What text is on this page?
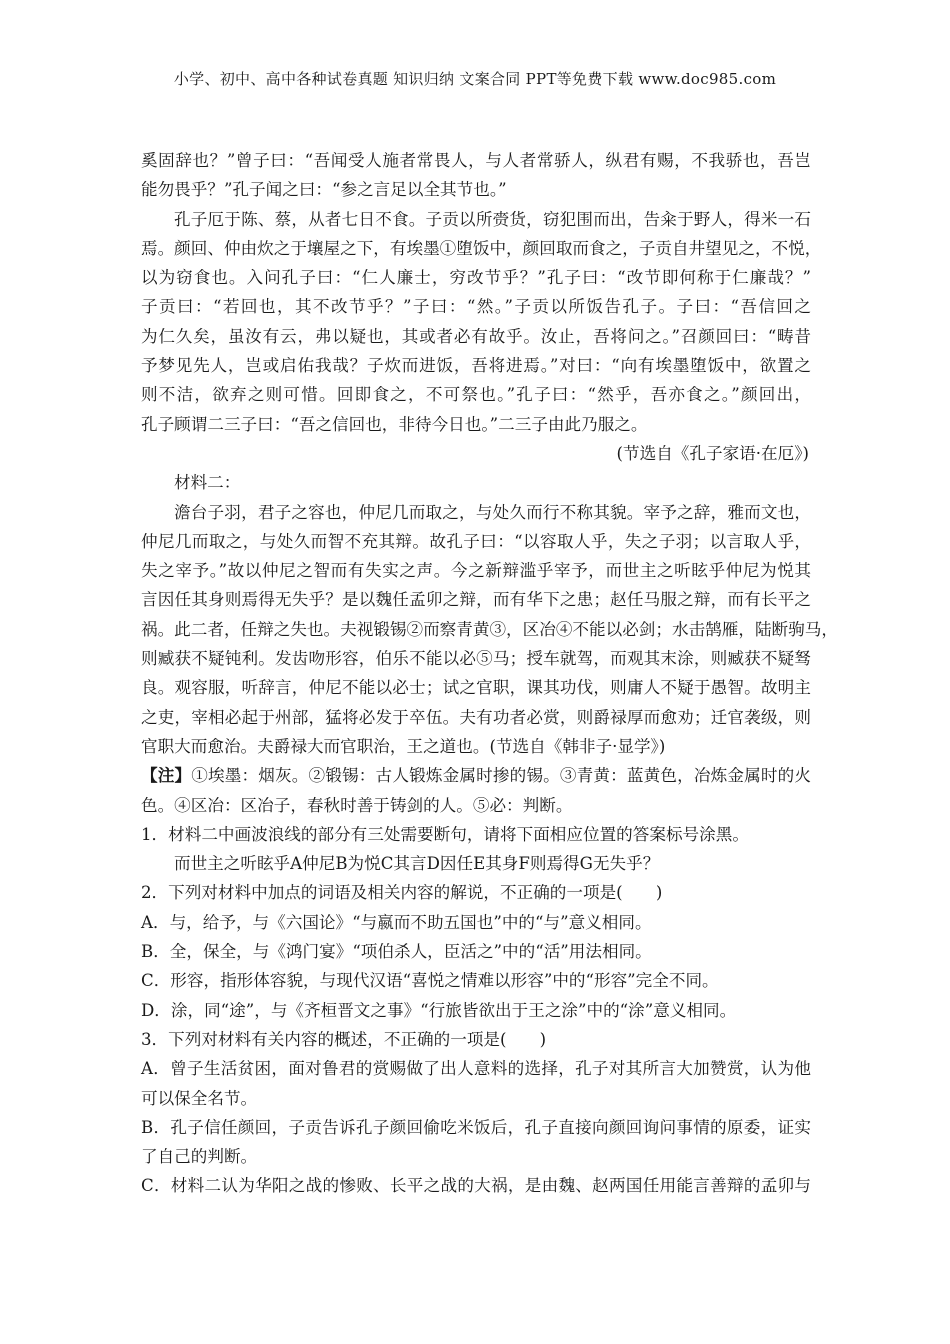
小学、初中、高中各种试卷真题 知识归纳 文案合同 PPT等免费下载 www.doc985.com
奚固辞也？”曾子曰：“吾闻受人施者常畏人，与人者常骄人，纵君有赐，不我骄也，吾岂
能勿畏乎？”孔子闻之曰：“参之言足以全其节也。”
孔子厄于陈、蔡，从者七日不食。子贡以所赍货，窃犯围而出，告籴于野人，得米一石
焉。颜回、仲由炊之于壤屋之下，有埃墨①堕饭中，颜回取而食之，子贡自井望见之，不悦，
以为窃食也。入问孔子曰：“仁人廉士，穷改节乎？”孔子曰：“改节即何称于仁廉哉？”
子贡曰：“若回也，其不改节乎？”子曰：“然。”子贡以所饭告孔子。子曰：“吾信回之
为仁久矣，虽汝有云，弗以疑也，其或者必有故乎。汝止，吾将问之。”召颜回曰：“畴昔
予梦见先人，岂或启佑我哉？子炊而进饭，吾将进焉。”对曰：“向有埃墨堕饭中，欲置之
则不洁，欲弃之则可惜。回即食之，不可祭也。”孔子曰：“然乎，吾亦食之。”颜回出，
孔子顾谓二三子曰：“吾之信回也，非待今日也。”二三子由此乃服之。
(节选自《孔子家语·在厄》)
材料二：
澹台子羽，君子之容也，仲尼几而取之，与处久而行不称其貌。宰予之辞，雅而文也，
仲尼几而取之，与处久而智不充其辩。故孔子曰：“以容取人乎，失之子羽；以言取人乎，
失之宰予。”故以仲尼之智而有失实之声。今之新辩滥乎宰予，而世主之听眩乎仲尼为悦其
言因任其身则焉得无失乎？是以魏任孟卯之辩，而有华下之患；赵任马服之辩，而有长平之
祸。此二者，任辩之失也。夫视锻锡②而察青黄③，区冶④不能以必剑；水击鹄雁，陆断驹马，
则臧获不疑钝利。发齿吻形容，伯乐不能以必⑤马；授车就驾，而观其末涂，则臧获不疑驽
良。观容服，听辞言，仲尼不能以必士；试之官职，课其功伐，则庸人不疑于愚智。故明主
之吏，宰相必起于州部，猛将必发于卒伍。夫有功者必赏，则爵禄厚而愈劝；迁官袭级，则
官职大而愈治。夫爵禄大而官职治，王之道也。(节选自《韩非子·显学》)
【注】①埃墨：烟灰。②锻锡：古人锻炼金属时掺的锡。③青黄：蓝黄色，冶炼金属时的火
色。④区冶：区冶子，春秋时善于铸剑的人。⑤必：判断。
1．材料二中画波浪线的部分有三处需要断句，请将下面相应位置的答案标号涂黑。
而世主之听眩乎A仲尼B为悦C其言D因任E其身F则焉得G无失乎？
2．下列对材料中加点的词语及相关内容的解说，不正确的一项是(　　)
A．与，给予，与《六国论》“与嬴而不助五国也”中的“与”意义相同。
B．全，保全，与《鸿门宴》“项伯杀人，臣活之”中的“活”用法相同。
C．形容，指形体容貌，与现代汉语“喜悦之情难以形容”中的“形容”完全不同。
D．涂，同“途”，与《齐桓晋文之事》“行旅皆欲出于王之涂”中的“涂”意义相同。
3．下列对材料有关内容的概述，不正确的一项是(　　)
A．曾子生活贫困，面对鲁君的赏赐做了出人意料的选择，孔子对其所言大加赞赏，认为他
可以保全名节。
B．孔子信任颜回，子贡告诉孔子颜回偷吃米饭后，孔子直接向颜回询问事情的原委，证实
了自己的判断。
C．材料二认为华阳之战的惨败、长平之战的大祸，是由魏、赵两国任用能言善辩的孟卯与
